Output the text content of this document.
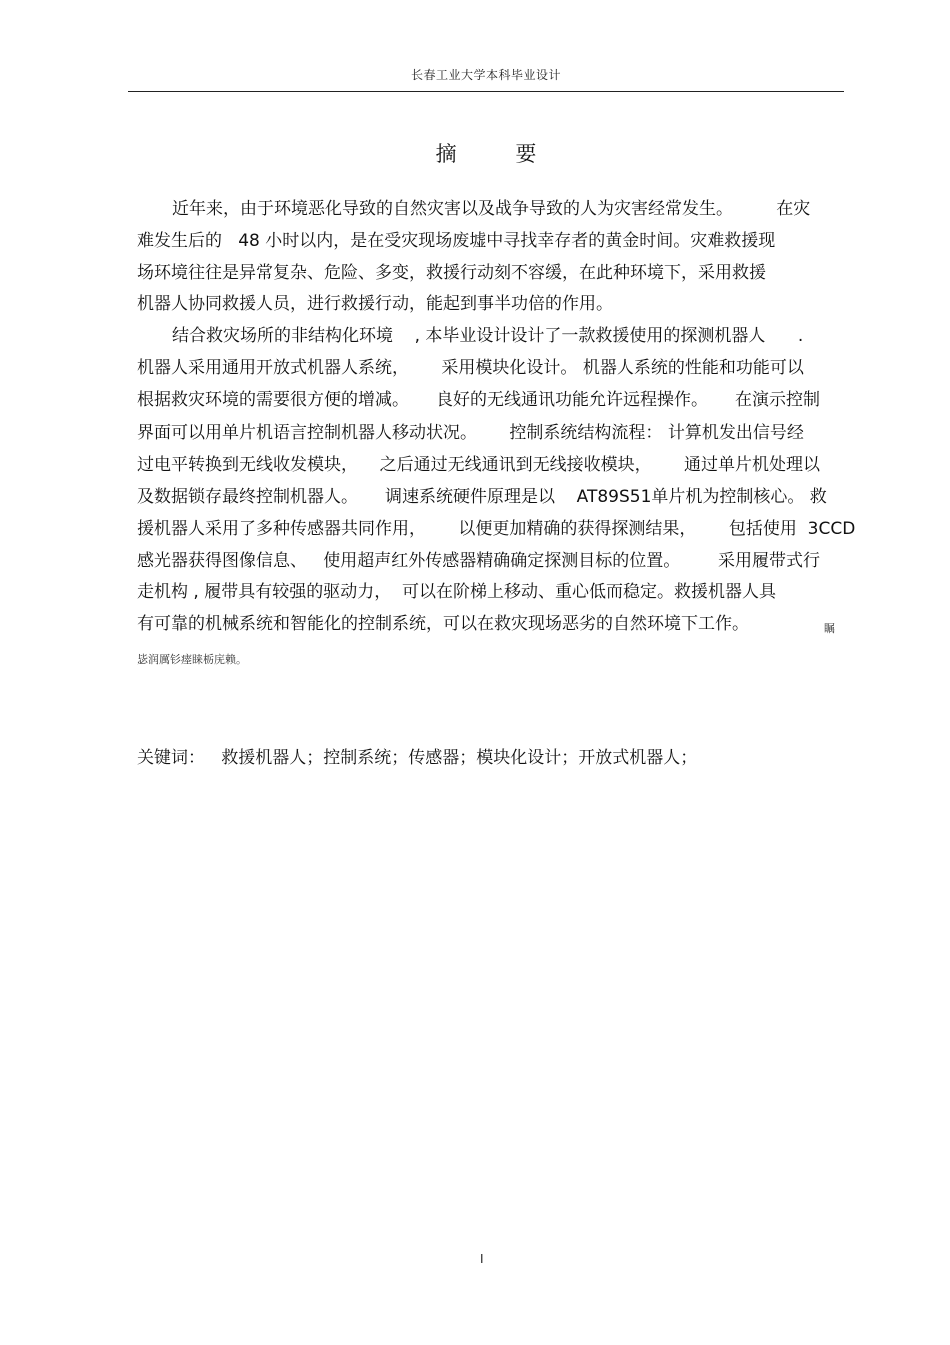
长春工业大学本科毕业设计
摘 要
近年来，由于环境恶化导致的自然灾害以及战争导致的人为灾害经常发生。        在灾
难发生后的   48 小时以内，是在受灾现场废墟中寻找幸存者的黄金时间。灾难救援现
场环境往往是异常复杂、危险、多变，救援行动刻不容缓，在此种环境下，采用救援
机器人协同救援人员，进行救援行动，能起到事半功倍的作用。
结合救灾场所的非结构化环境    , 本毕业设计设计了一款救援使用的探测机器人      .
机器人采用通用开放式机器人系统，      采用模块化设计。 机器人系统的性能和功能可以
根据救灾环境的需要很方便的增减。     良好的无线通讯功能允许远程操作。     在演示控制
界面可以用单片机语言控制机器人移动状况。      控制系统结构流程： 计算机发出信号经
过电平转换到无线收发模块，    之后通过无线通讯到无线接收模块，      通过单片机处理以
及数据锁存最终控制机器人。     调速系统硬件原理是以    AT89S51单片机为控制核心。 救
援机器人采用了多种传感器共同作用，      以便更加精确的获得探测结果，      包括使用  3CCD
感光器获得图像信息、   使用超声红外传感器精确确定探测目标的位置。       采用履带式行
走机构 , 履带具有较强的驱动力，  可以在阶梯上移动、重心低而稳定。救援机器人具
有可靠的机械系统和智能化的控制系统，可以在救灾现场恶劣的自然环境下工作。	瞩
毖润厲钐瘗睐栃庑赖。
关键词：   救援机器人；控制系统；传感器；模块化设计；开放式机器人；
I
